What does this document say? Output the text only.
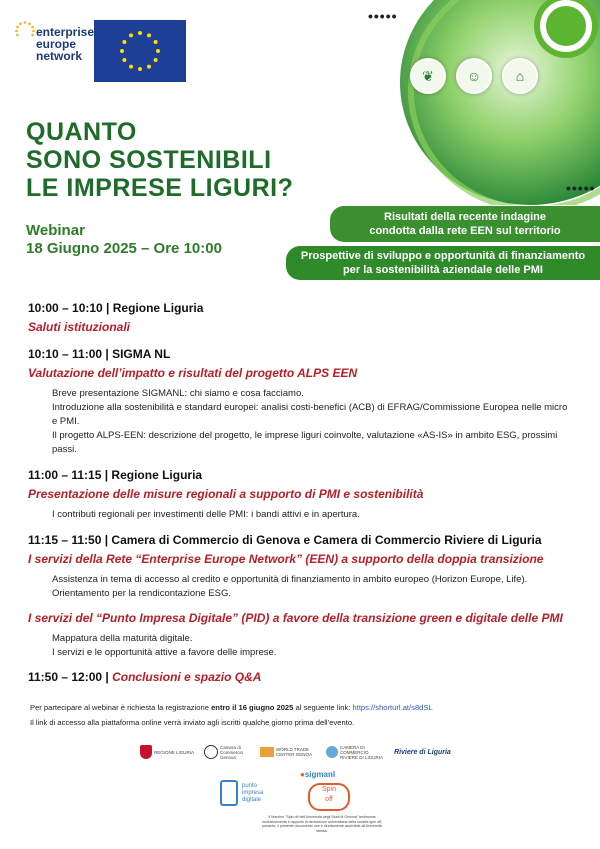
enterprise
europe
network
•••••
❦	☺	⌂
•••••
QUANTO
SONO SOSTENIBILI
LE IMPRESE LIGURI?
Webinar
18 Giugno 2025 – Ore 10:00
Risultati della recente indagine
condotta dalla rete EEN sul territorio
Prospettive di sviluppo e opportunità di finanziamento
per la sostenibilità aziendale delle PMI
10:00 – 10:10 | Regione Liguria
Saluti istituzionali
10:10 – 11:00 | SIGMA NL
Valutazione dell’impatto e risultati del progetto ALPS EEN

Breve presentazione SIGMANL: chi siamo e cosa facciamo.

Introduzione alla sostenibilità e standard europei: analisi costi-benefici (ACB) di EFRAG/Commissione Europea nelle micro e PMI.

Il progetto ALPS-EEN: descrizione del progetto, le imprese liguri coinvolte, valutazione «AS-IS» in ambito ESG, prossimi passi.

11:00 – 11:15 | Regione Liguria
Presentazione delle misure regionali a supporto di PMI e sostenibilità

I contributi regionali per investimenti delle PMI: i bandi attivi e in apertura.

11:15 – 11:50 | Camera di Commercio di Genova e Camera di Commercio Riviere di Liguria
I servizi della Rete “Enterprise Europe Network” (EEN) a supporto della doppia transizione

Assistenza in tema di accesso al credito e opportunità di finanziamento in ambito europeo (Horizon Europe, Life).

Orientamento per la rendicontazione ESG.

I servizi del “Punto Impresa Digitale” (PID) a favore della transizione green e digitale delle PMI

Mappatura della maturità digitale.

I servizi e le opportunità attive a favore delle imprese.

11:50 – 12:00 | Conclusioni e spazio Q&A
Per partecipare al webinar è richiesta la registrazione entro il 16 giugno 2025 al seguente link: https://shorturl.at/s8dSL
Il link di accesso alla piattaforma online verrà inviato agli iscritti qualche giorno prima dell’evento.
REGIONE LIGURIA
Camera di Commercio Genova
WORLD TRADE CENTER GENOA
CAMERA DI COMMERCIO RIVIERE DI LIGURIA
Riviere di Liguria
punto
impresa
digitale
●sigmanl
Spin
off
Il Marchio "Spin off dell'Università degli Studi di Genova" testimonia esclusivamente il rapporto di derivazione universitaria della società spin off; pertanto, il presente documento non è direttamente ascrivibile all'Università stessa.
